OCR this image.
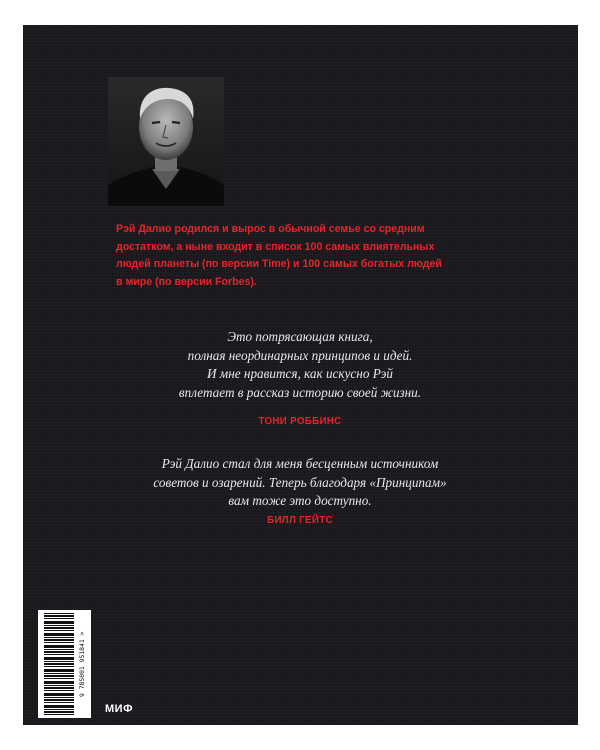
Рэй Далио родился и вырос в обычной семье со средним
достатком, а ныне входит в список 100 самых влиятельных
людей планеты (по версии Time) и 100 самых богатых людей
в мире (по версии Forbes).
Это потрясающая книга,
полная неординарных принципов и идей.
И мне нравится, как искусно Рэй
вплетает в рассказ историю своей жизни.
ТОНИ РОББИНС
Рэй Далио стал для меня бесценным источником
советов и озарений. Теперь благодаря «Принципам»
вам тоже это доступно.
БИЛЛ ГЕЙТС
9 785001 951841 >
МИФ
